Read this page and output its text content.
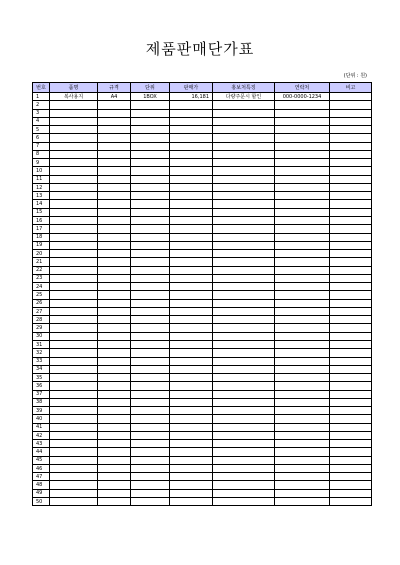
제품판매단가표
(단위 : 원)
번호	품명	규격	단위	판매가	홍보처특징	연락처	비고
1	복사용지	A4	1BOX	16,181	다량주문시 할인	000-0000-1234	
2							
3							
4							
5							
6							
7							
8							
9							
10							
11							
12							
13							
14							
15							
16							
17							
18							
19							
20							
21							
22							
23							
24							
25							
26							
27							
28							
29							
30							
31							
32							
33							
34							
35							
36							
37							
38							
39							
40							
41							
42							
43							
44							
45							
46							
47							
48							
49							
50							
